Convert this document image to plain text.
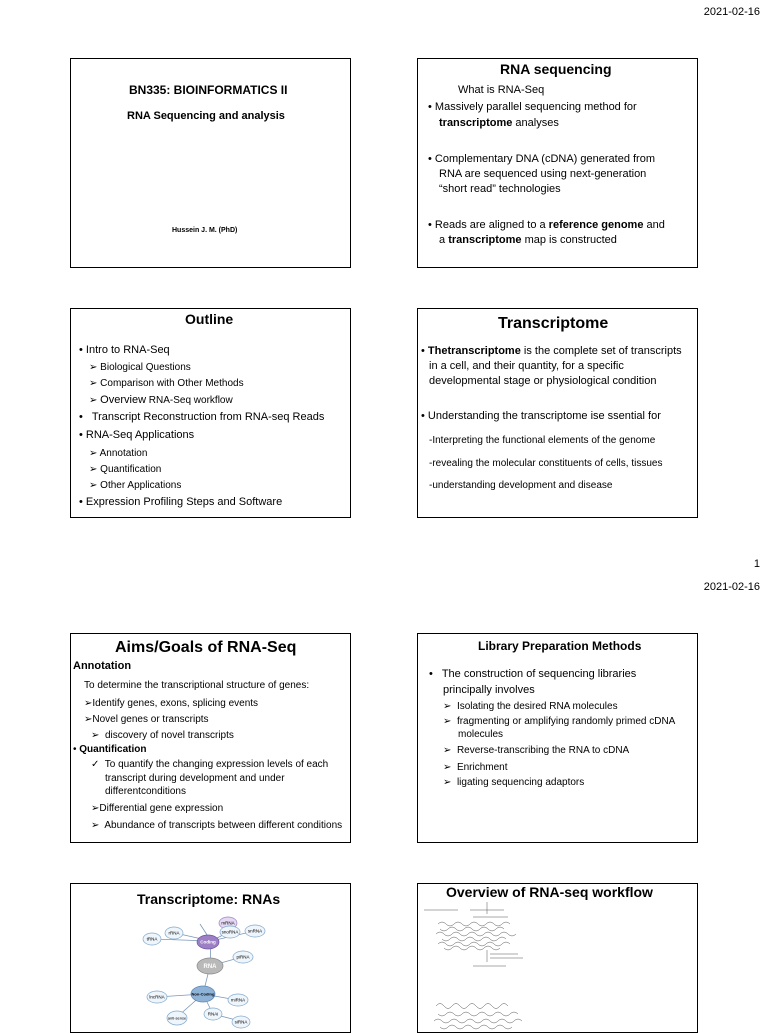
2021-02-16
BN335: BIOINFORMATICS II
RNA Sequencing and analysis
Hussein J. M. (PhD)
RNA sequencing
What is RNA-Seq
• Massively parallel sequencing method for
transcriptome analyses
• Complementary DNA (cDNA) generated from
RNA are sequenced using next-generation
“short read” technologies
• Reads are aligned to a reference genome and
a transcriptome map is constructed
Outline
• Intro to RNA-Seq
➢ Biological Questions
➢ Comparison with Other Methods
➢ Overview RNA-Seq workflow
•   Transcript Reconstruction from RNA-seq Reads
• RNA-Seq Applications
➢ Annotation
➢ Quantification
➢ Other Applications
• Expression Profiling Steps and Software
Transcriptome
• Thetranscriptome is the complete set of transcripts
in a cell, and their quantity, for a specific
developmental stage or physiological condition
• Understanding the transcriptome ise ssential for
-Interpreting the functional elements of the genome
-revealing the molecular constituents of cells, tissues
-understanding development and disease
1
2021-02-16
Aims/Goals of RNA-Seq
Annotation
To determine the transcriptional structure of genes:
➢Identify genes, exons, splicing events
➢Novel genes or transcripts
➢  discovery of novel transcripts
• Quantification
✓  To quantify the changing expression levels of each
transcript during development and under
differentconditions
➢Differential gene expression
➢  Abundance of transcripts between different conditions
Library Preparation Methods
•   The construction of sequencing libraries
principally involves
➢  Isolating the desired RNA molecules
➢  fragmenting or amplifying randomly primed cDNA
molecules
➢  Reverse-transcribing the RNA to cDNA
➢  Enrichment
➢  ligating sequencing adaptors
Transcriptome: RNAs
mRNA
Coding
tRNA
rRNA	snoRNA snRNA
RNA
piRNA
Non-Coding
lncRNA
miRNA
anti-sense
RNAi
siRNA
Overview of RNA-seq workflow
